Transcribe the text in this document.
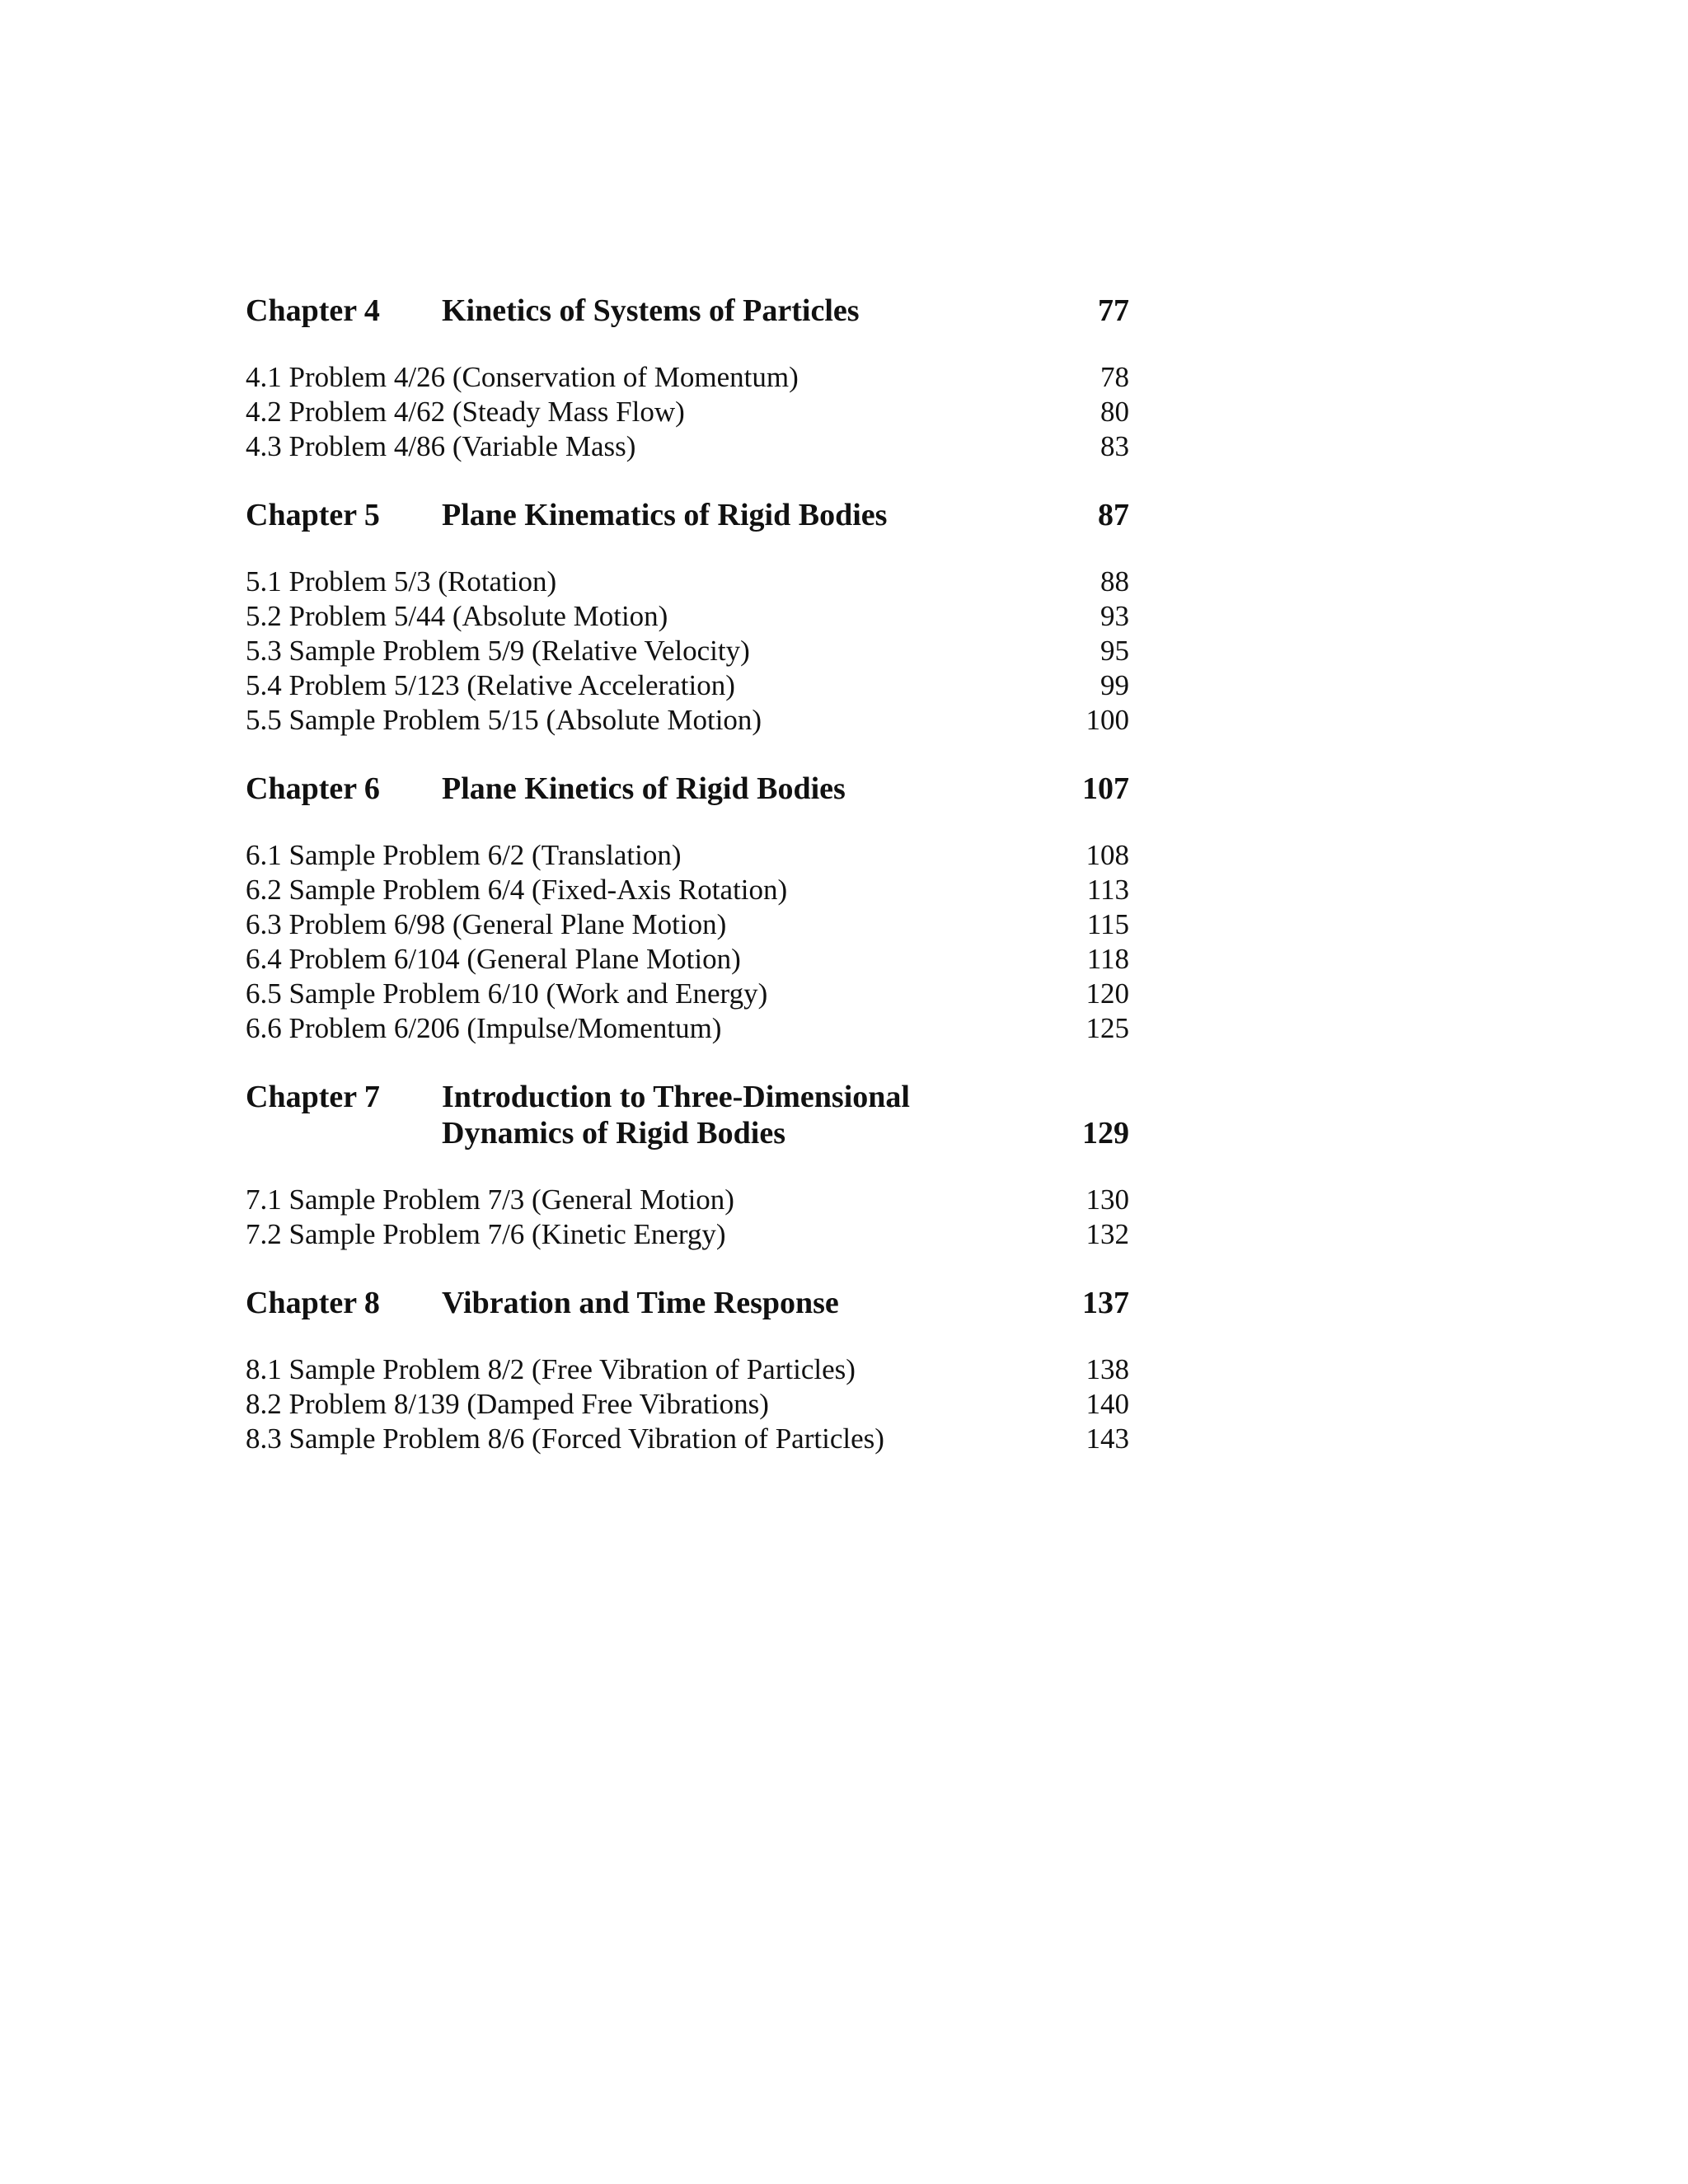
Chapter 4	Kinetics of Systems of Particles	77
4.1 Problem 4/26 (Conservation of Momentum)	78
4.2 Problem 4/62 (Steady Mass Flow)	80
4.3 Problem 4/86 (Variable Mass)	83
Chapter 5	Plane Kinematics of Rigid Bodies	87
5.1 Problem 5/3 (Rotation)	88
5.2 Problem 5/44 (Absolute Motion)	93
5.3 Sample Problem 5/9 (Relative Velocity)	95
5.4 Problem 5/123 (Relative Acceleration)	99
5.5 Sample Problem 5/15 (Absolute Motion)	100
Chapter 6	Plane Kinetics of Rigid Bodies	107
6.1 Sample Problem 6/2 (Translation)	108
6.2 Sample Problem 6/4 (Fixed-Axis Rotation)	113
6.3 Problem 6/98 (General Plane Motion)	115
6.4 Problem 6/104 (General Plane Motion)	118
6.5 Sample Problem 6/10 (Work and Energy)	120
6.6 Problem 6/206 (Impulse/Momentum)	125
Chapter 7	Introduction to Three-Dimensional
Dynamics of Rigid Bodies	129
7.1 Sample Problem 7/3 (General Motion)	130
7.2 Sample Problem 7/6 (Kinetic Energy)	132
Chapter 8	Vibration and Time Response	137
8.1 Sample Problem 8/2 (Free Vibration of Particles)	138
8.2 Problem 8/139 (Damped Free Vibrations)	140
8.3 Sample Problem 8/6 (Forced Vibration of Particles)	143
